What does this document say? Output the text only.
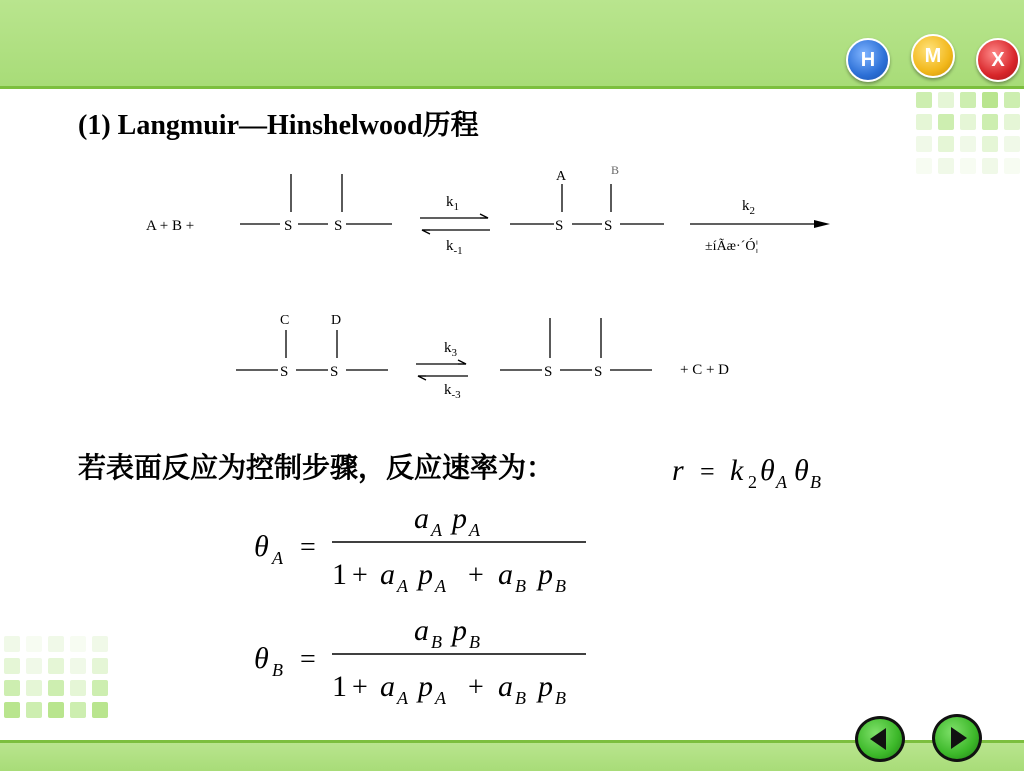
H M	X
(1) Langmuir—Hinshelwood历程
A + B +	S	S
$k_1$
$k_{-1}$
A	B
S	S
$k_2$
±íÃæ·´Ó¦
C	D
S	S
$k_3$
$k_{-3}$
S	S	+ C + D
若表面反应为控制步骤，反应速率为：	r = k 2 θ A θ B
θ A =
a A p A
1 + a A p A + a B p B
θ B =
a B p B
1 + a A p A + a B p B
